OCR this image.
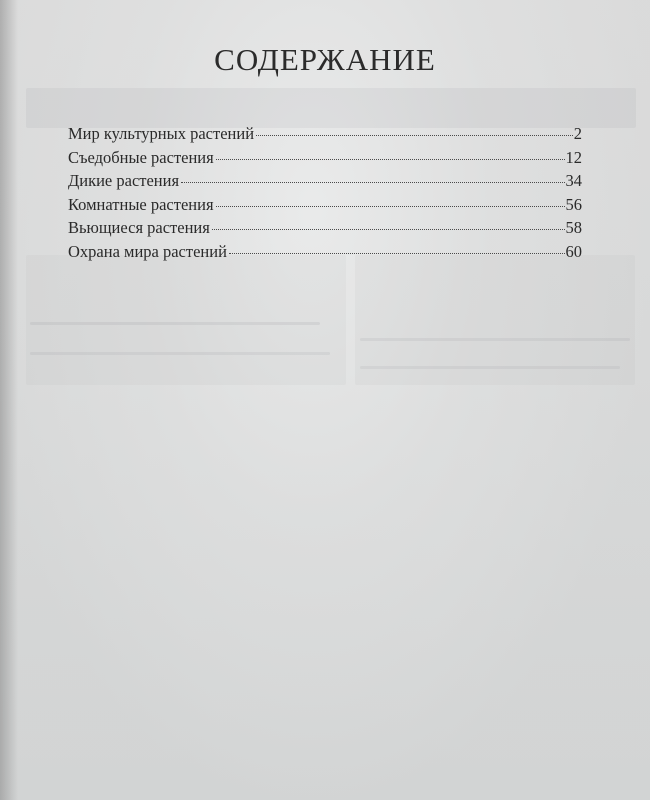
СОДЕРЖАНИЕ
Мир культурных растений	2
Съедобные растения	12
Дикие растения	34
Комнатные растения	56
Вьющиеся растения	58
Охрана мира растений	60
